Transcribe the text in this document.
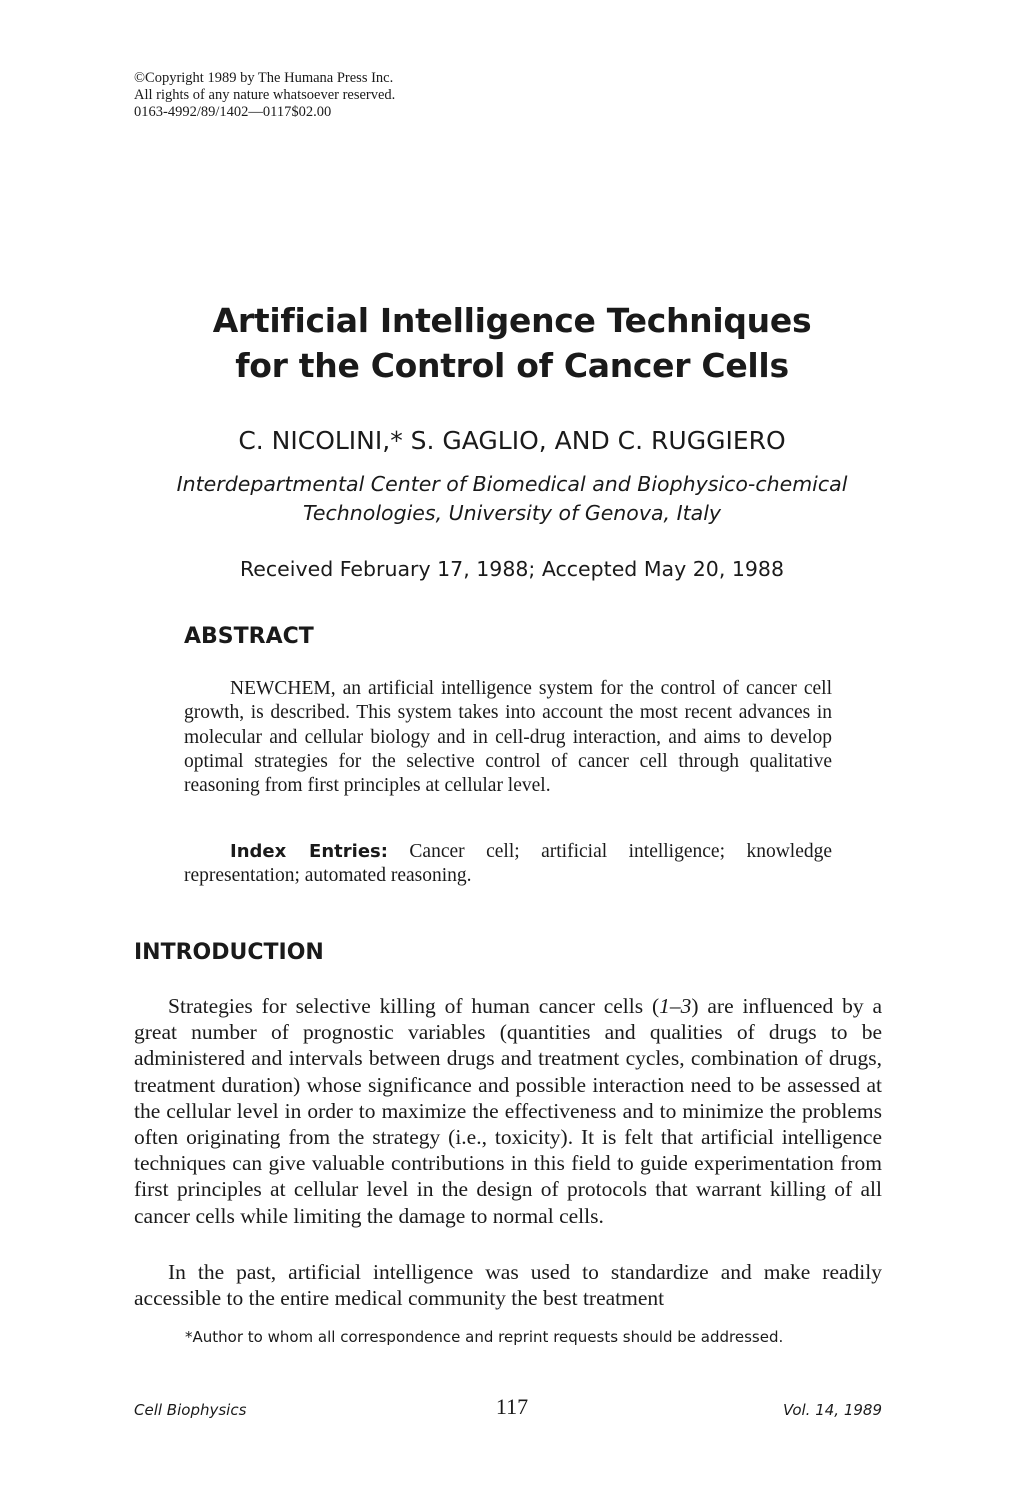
©Copyright 1989 by The Humana Press Inc.
All rights of any nature whatsoever reserved.
0163-4992/89/1402—0117$02.00
Artificial Intelligence Techniques
for the Control of Cancer Cells
C. NICOLINI,* S. GAGLIO, AND C. RUGGIERO
Interdepartmental Center of Biomedical and Biophysico-chemical
Technologies, University of Genova, Italy
Received February 17, 1988; Accepted May 20, 1988
ABSTRACT

NEWCHEM, an artificial intelligence system for the control of cancer cell growth, is described. This system takes into account the most recent advances in molecular and cellular biology and in cell-drug interaction, and aims to develop optimal strategies for the selective control of cancer cell through qualitative reasoning from first principles at cellular level.

Index Entries: Cancer cell; artificial intelligence; knowledge representation; automated reasoning.

INTRODUCTION

Strategies for selective killing of human cancer cells (1–3) are influenced by a great number of prognostic variables (quantities and qualities of drugs to be administered and intervals between drugs and treatment cycles, combination of drugs, treatment duration) whose significance and possible interaction need to be assessed at the cellular level in order to maximize the effectiveness and to minimize the problems often originating from the strategy (i.e., toxicity). It is felt that artificial intelligence techniques can give valuable contributions in this field to guide experimentation from first principles at cellular level in the design of protocols that warrant killing of all cancer cells while limiting the damage to normal cells.

In the past, artificial intelligence was used to standardize and make readily accessible to the entire medical community the best treatment

*Author to whom all correspondence and reprint requests should be addressed.
Cell Biophysics	117	Vol. 14, 1989
